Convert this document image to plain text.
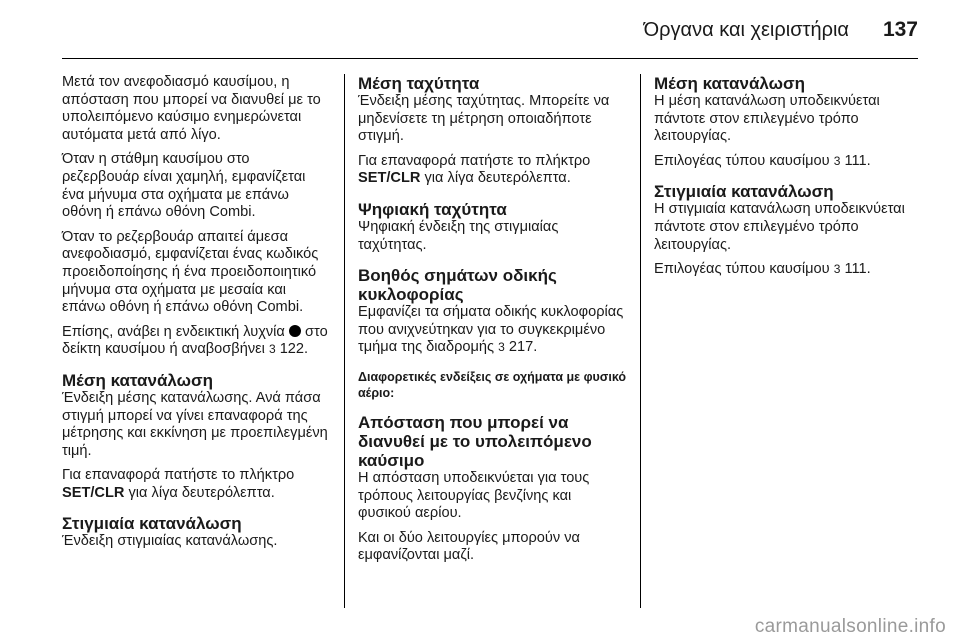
Όργανα και χειριστήρια 137

Μετά τον ανεφοδιασμό καυσίμου, η απόσταση που μπορεί να διανυθεί με το υπολειπόμενο καύσιμο ενημερώνεται αυτόματα μετά από λίγο.

Όταν η στάθμη καυσίμου στο ρεζερβουάρ είναι χαμηλή, εμφανίζεται ένα μήνυμα στα οχήματα με επάνω οθόνη ή επάνω οθόνη Combi.

Όταν το ρεζερβουάρ απαιτεί άμεσα ανεφοδιασμό, εμφανίζεται ένας κωδικός προειδοποίησης ή ένα προειδοποιητικό μήνυμα στα οχήματα με μεσαία και επάνω οθόνη ή επάνω οθόνη Combi.

Επίσης, ανάβει η ενδεικτική λυχνία στο δείκτη καυσίμου ή αναβοσβήνει 3 122.

Μέση κατανάλωση

Ένδειξη μέσης κατανάλωσης. Ανά πάσα στιγμή μπορεί να γίνει επαναφορά της μέτρησης και εκκίνηση με προεπιλεγμένη τιμή.

Για επαναφορά πατήστε το πλήκτρο SET/CLR για λίγα δευτερόλεπτα.

Στιγμιαία κατανάλωση

Ένδειξη στιγμιαίας κατανάλωσης.

Μέση ταχύτητα

Ένδειξη μέσης ταχύτητας. Μπορείτε να μηδενίσετε τη μέτρηση οποιαδήποτε στιγμή.

Για επαναφορά πατήστε το πλήκτρο SET/CLR για λίγα δευτερόλεπτα.

Ψηφιακή ταχύτητα

Ψηφιακή ένδειξη της στιγμιαίας ταχύτητας.

Βοηθός σημάτων οδικής κυκλοφορίας

Εμφανίζει τα σήματα οδικής κυκλοφορίας που ανιχνεύτηκαν για το συγκεκριμένο τμήμα της διαδρομής 3 217.

Διαφορετικές ενδείξεις σε οχήματα με φυσικό αέριο:

Απόσταση που μπορεί να διανυθεί με το υπολειπόμενο καύσιμο

Η απόσταση υποδεικνύεται για τους τρόπους λειτουργίας βενζίνης και φυσικού αερίου.

Και οι δύο λειτουργίες μπορούν να εμφανίζονται μαζί.

Μέση κατανάλωση

Η μέση κατανάλωση υποδεικνύεται πάντοτε στον επιλεγμένο τρόπο λειτουργίας.

Επιλογέας τύπου καυσίμου 3 111.

Στιγμιαία κατανάλωση

Η στιγμιαία κατανάλωση υποδεικνύεται πάντοτε στον επιλεγμένο τρόπο λειτουργίας.

Επιλογέας τύπου καυσίμου 3 111.

carmanualsonline.info
